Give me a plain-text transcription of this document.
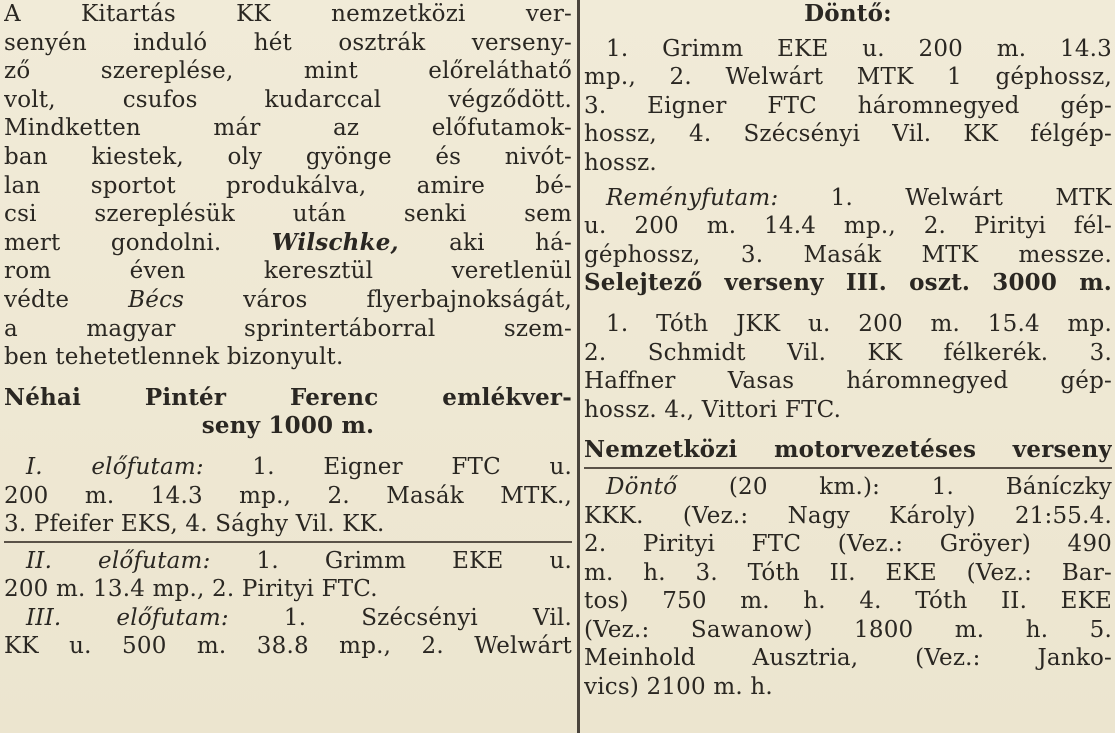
A Kitartás KK nemzetközi ver-
senyén induló hét osztrák verseny-
ző szereplése, mint előreláthatő
volt, csufos kudarccal végződött.
Mindketten már az előfutamok-
ban kiestek, oly gyönge és nivót-
lan sportot produkálva, amire bé-
csi szereplésük után senki sem
mert gondolni. Wilschke, aki há-
rom éven keresztül veretlenül
védte	Bécs	város flyerbajnokságát,
a magyar sprintertáborral szem-
ben tehetetlennek bizonyult.
Néhai Pintér Ferenc emlékver-
seny 1000 m.
I. előfutam: 1. Eigner FTC u.
200 m. 14.3 mp., 2. Masák MTK.,
3. Pfeifer EKS, 4. Sághy Vil. KK.
II. előfutam: 1. Grimm EKE u.
200 m. 13.4 mp., 2. Pirityi FTC.
III. előfutam: 1. Szécsényi Vil.
KK u. 500 m. 38.8 mp., 2. Welwárt
Döntő:
1. Grimm EKE u. 200 m. 14.3
mp., 2. Welwárt MTK 1 géphossz,
3. Eigner FTC háromnegyed gép-
hossz, 4. Szécsényi Vil. KK félgép-
hossz.
Reményfutam: 1. Welwárt MTK
u. 200 m. 14.4 mp., 2. Pirityi fél-
géphossz, 3. Masák MTK messze.
Selejtező verseny III. oszt. 3000 m.
1. Tóth JKK u. 200 m. 15.4 mp.
2. Schmidt Vil. KK félkerék. 3.
Haffner Vasas háromnegyed gép-
hossz. 4., Vittori FTC.
Nemzetközi motorvezetéses verseny
Döntő (20 km.): 1. Báníczky
KKK. (Vez.: Nagy Károly) 21:55.4.
2. Pirityi FTC (Vez.: Gröyer) 490
m. h. 3. Tóth II. EKE (Vez.: Bar-
tos) 750 m. h. 4. Tóth II. EKE
(Vez.: Sawanow) 1800 m. h. 5.
Meinhold Ausztria, (Vez.: Janko-
vics) 2100 m. h.
